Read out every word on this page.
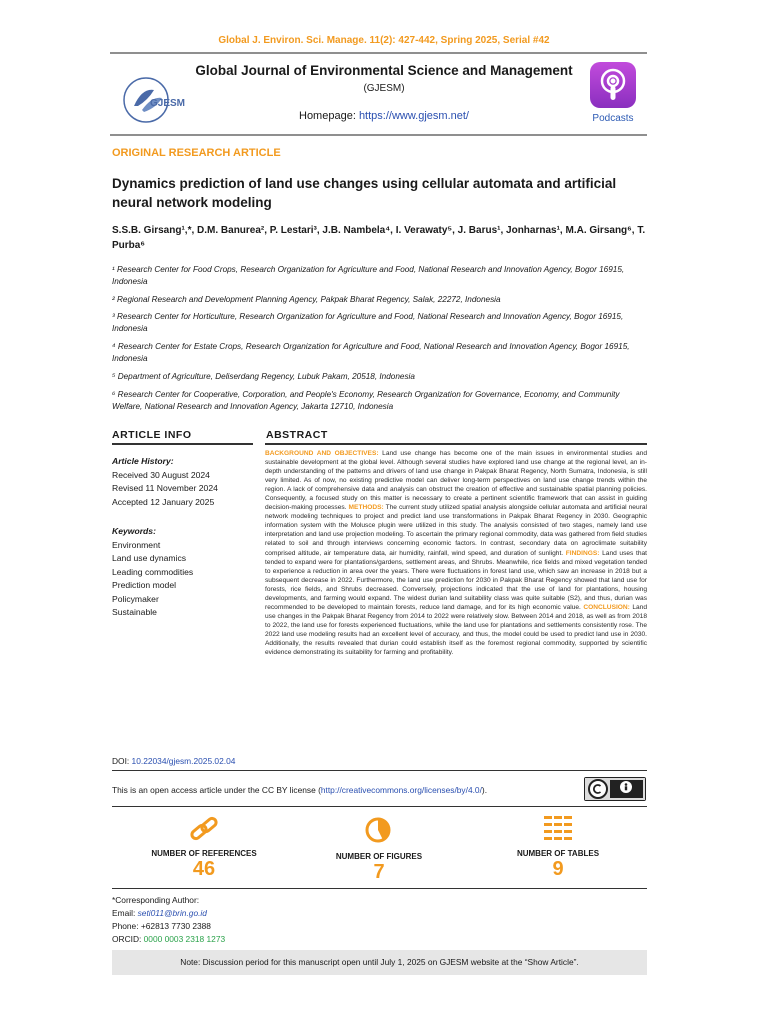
Global J. Environ. Sci. Manage. 11(2): 427-442, Spring 2025, Serial #42
GJESM
Global Journal of Environmental Science and Management
(GJESM)
Homepage: https://www.gjesm.net/	Podcasts
ORIGINAL RESEARCH ARTICLE
Dynamics prediction of land use changes using cellular automata and artificial neural network modeling
S.S.B. Girsang¹,*, D.M. Banurea², P. Lestari³, J.B. Nambela⁴, I. Verawaty⁵, J. Barus¹, Jonharnas¹, M.A. Girsang⁶, T. Purba⁶
¹ Research Center for Food Crops, Research Organization for Agriculture and Food, National Research and Innovation Agency, Bogor 16915, Indonesia
² Regional Research and Development Planning Agency, Pakpak Bharat Regency, Salak, 22272, Indonesia
³ Research Center for Horticulture, Research Organization for Agriculture and Food, National Research and Innovation Agency, Bogor 16915, Indonesia
⁴ Research Center for Estate Crops, Research Organization for Agriculture and Food, National Research and Innovation Agency, Bogor 16915, Indonesia
⁵ Department of Agriculture, Deliserdang Regency, Lubuk Pakam, 20518, Indonesia
⁶ Research Center for Cooperative, Corporation, and People's Economy, Research Organization for Governance, Economy, and Community Welfare, National Research and Innovation Agency, Jakarta 12710, Indonesia
ARTICLE INFO	ABSTRACT
Article History:
Received 30 August 2024
Revised 11 November 2024
Accepted 12 January 2025
Keywords:
Environment
Land use dynamics
Leading commodities
Prediction model
Policymaker
Sustainable
BACKGROUND AND OBJECTIVES: Land use change has become one of the main issues in environmental studies and sustainable development at the global level. Although several studies have explored land use change at the regional level, an in-depth understanding of the patterns and drivers of land use change in Pakpak Bharat Regency, North Sumatra, Indonesia, is still very limited. As of now, no existing predictive model can deliver long-term perspectives on land use change trends within the region. A lack of comprehensive data and analysis can obstruct the creation of effective and sustainable spatial planning policies. Consequently, a focused study on this matter is necessary to create a pertinent scientific framework that can assist in guiding decision-making processes. METHODS: The current study utilized spatial analysis alongside cellular automata and artificial neural network modeling techniques to project and predict land use transformations in Pakpak Bharat Regency in 2030. Geographic information system with the Molusce plugin were utilized in this study. The analysis consisted of two stages, namely land use interpretation and land use projection modeling. To ascertain the primary regional commodity, data was gathered from field studies related to soil and through interviews concerning economic factors. In contrast, secondary data on agroclimate suitability comprised altitude, air temperature data, air humidity, rainfall, wind speed, and duration of sunlight. FINDINGS: Land uses that tended to expand were for plantations/gardens, settlement areas, and Shrubs. Meanwhile, rice fields and mixed vegetation tended to experience a reduction in area over the years. There were fluctuations in forest land use, which saw an increase in 2018 but a subsequent decrease in 2022. Furthermore, the land use prediction for 2030 in Pakpak Bharat Regency showed that land use for forests, rice fields, and Shrubs decreased. Conversely, projections indicated that the use of land for plantations, housing developments, and farming would expand. The widest durian land suitability class was quite suitable (S2), and thus, durian was recommended to be developed to maintain forests, reduce land damage, and for its high economic value. CONCLUSION: Land use changes in the Pakpak Bharat Regency from 2014 to 2022 were relatively slow. Between 2014 and 2018, as well as from 2018 to 2022, the land use for forests experienced fluctuations, while the land use for plantations and settlements consistently rose. The 2022 land use modeling results had an excellent level of accuracy, and thus, the model could be used to predict land use in 2030. Additionally, the results revealed that durian could establish itself as the foremost regional commodity, supported by scientific evidence demonstrating its suitability for farming and profitability.
DOI: 10.22034/gjesm.2025.02.04
This is an open access article under the CC BY license (http://creativecommons.org/licenses/by/4.0/).
NUMBER OF REFERENCES
46
NUMBER OF FIGURES
7
NUMBER OF TABLES
9
*Corresponding Author:
Email: seti011@brin.go.id
Phone: +62813 7730 2388
ORCID: 0000 0003 2318 1273
Note: Discussion period for this manuscript open until July 1, 2025 on GJESM website at the “Show Article”.
